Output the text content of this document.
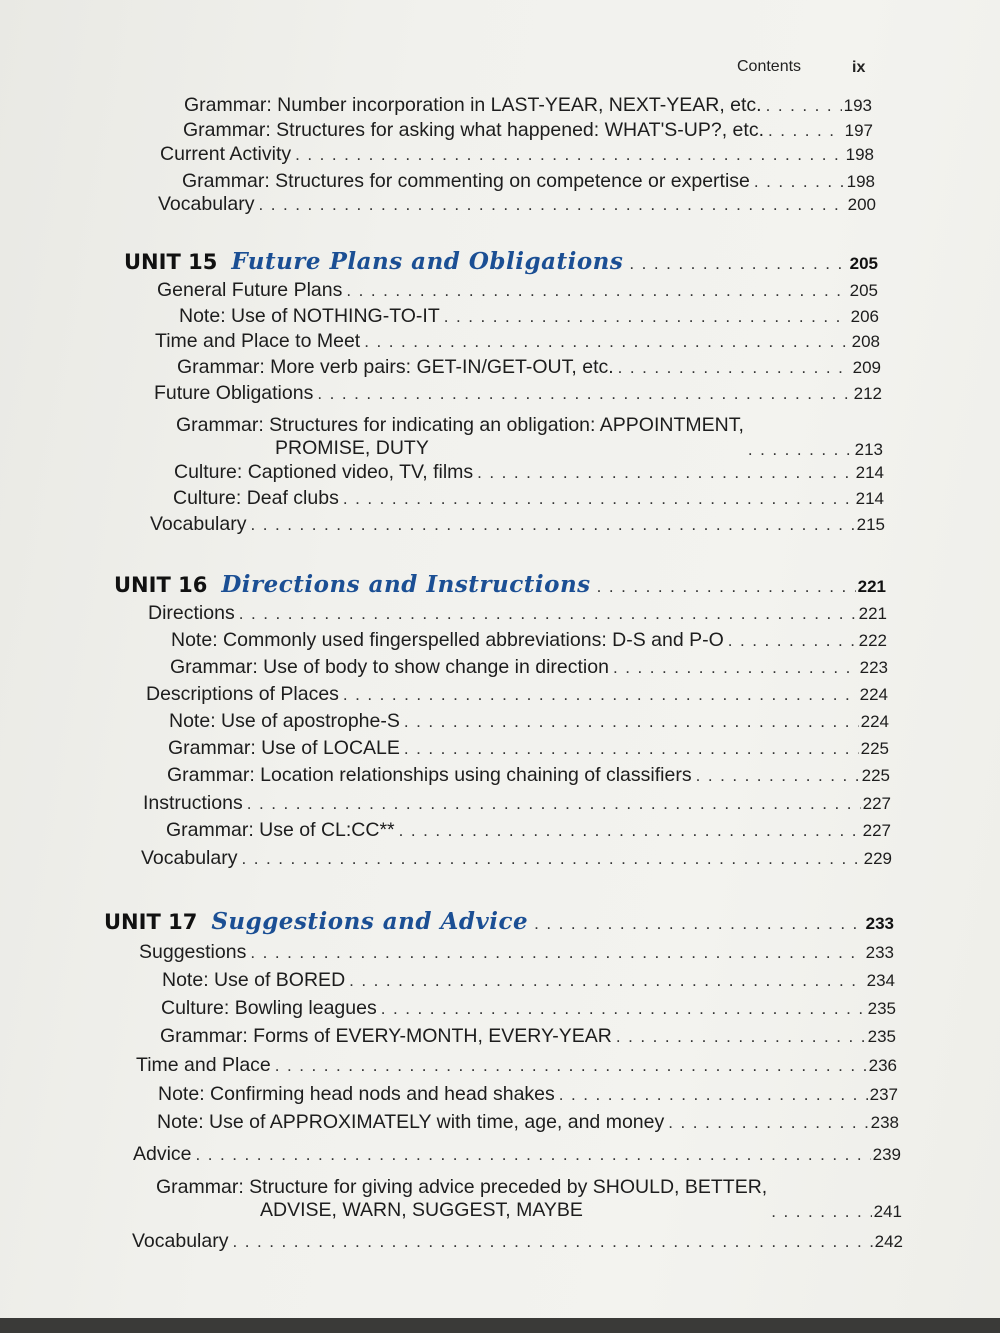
Contents	ix
Grammar: Number incorporation in LAST-YEAR, NEXT-YEAR, etc. . . .	193
Grammar: Structures for asking what happened: WHAT'S-UP?, etc. . . .	197
Current Activity . . .	198
Grammar: Structures for commenting on competence or expertise . . .	198
Vocabulary . . .	200
UNIT 15 Future Plans and Obligations . . .	205
General Future Plans . . .	205
Note: Use of NOTHING-TO-IT . . .	206
Time and Place to Meet . . .	208
Grammar: More verb pairs: GET-IN/GET-OUT, etc. . . .	209
Future Obligations . . .	212
Grammar: Structures for indicating an obligation: APPOINTMENT,
PROMISE, DUTY . . .	213
Culture: Captioned video, TV, films . . .	214
Culture: Deaf clubs . . .	214
Vocabulary . . .	215
UNIT 16 Directions and Instructions . . .	221
Directions . . .	221
Note: Commonly used fingerspelled abbreviations: D-S and P-O . . .	222
Grammar: Use of body to show change in direction . . .	223
Descriptions of Places . . .	224
Note: Use of apostrophe-S . . .	224
Grammar: Use of LOCALE . . .	225
Grammar: Location relationships using chaining of classifiers . . .	225
Instructions . . .	227
Grammar: Use of CL:CC** . . .	227
Vocabulary . . .	229
UNIT 17 Suggestions and Advice . . .	233
Suggestions . . .	233
Note: Use of BORED . . .	234
Culture: Bowling leagues . . .	235
Grammar: Forms of EVERY-MONTH, EVERY-YEAR . . .	235
Time and Place . . .	236
Note: Confirming head nods and head shakes . . .	237
Note: Use of APPROXIMATELY with time, age, and money . . .	238
Advice . . .	239
Grammar: Structure for giving advice preceded by SHOULD, BETTER,
ADVISE, WARN, SUGGEST, MAYBE . . .	241
Vocabulary . . .	242
